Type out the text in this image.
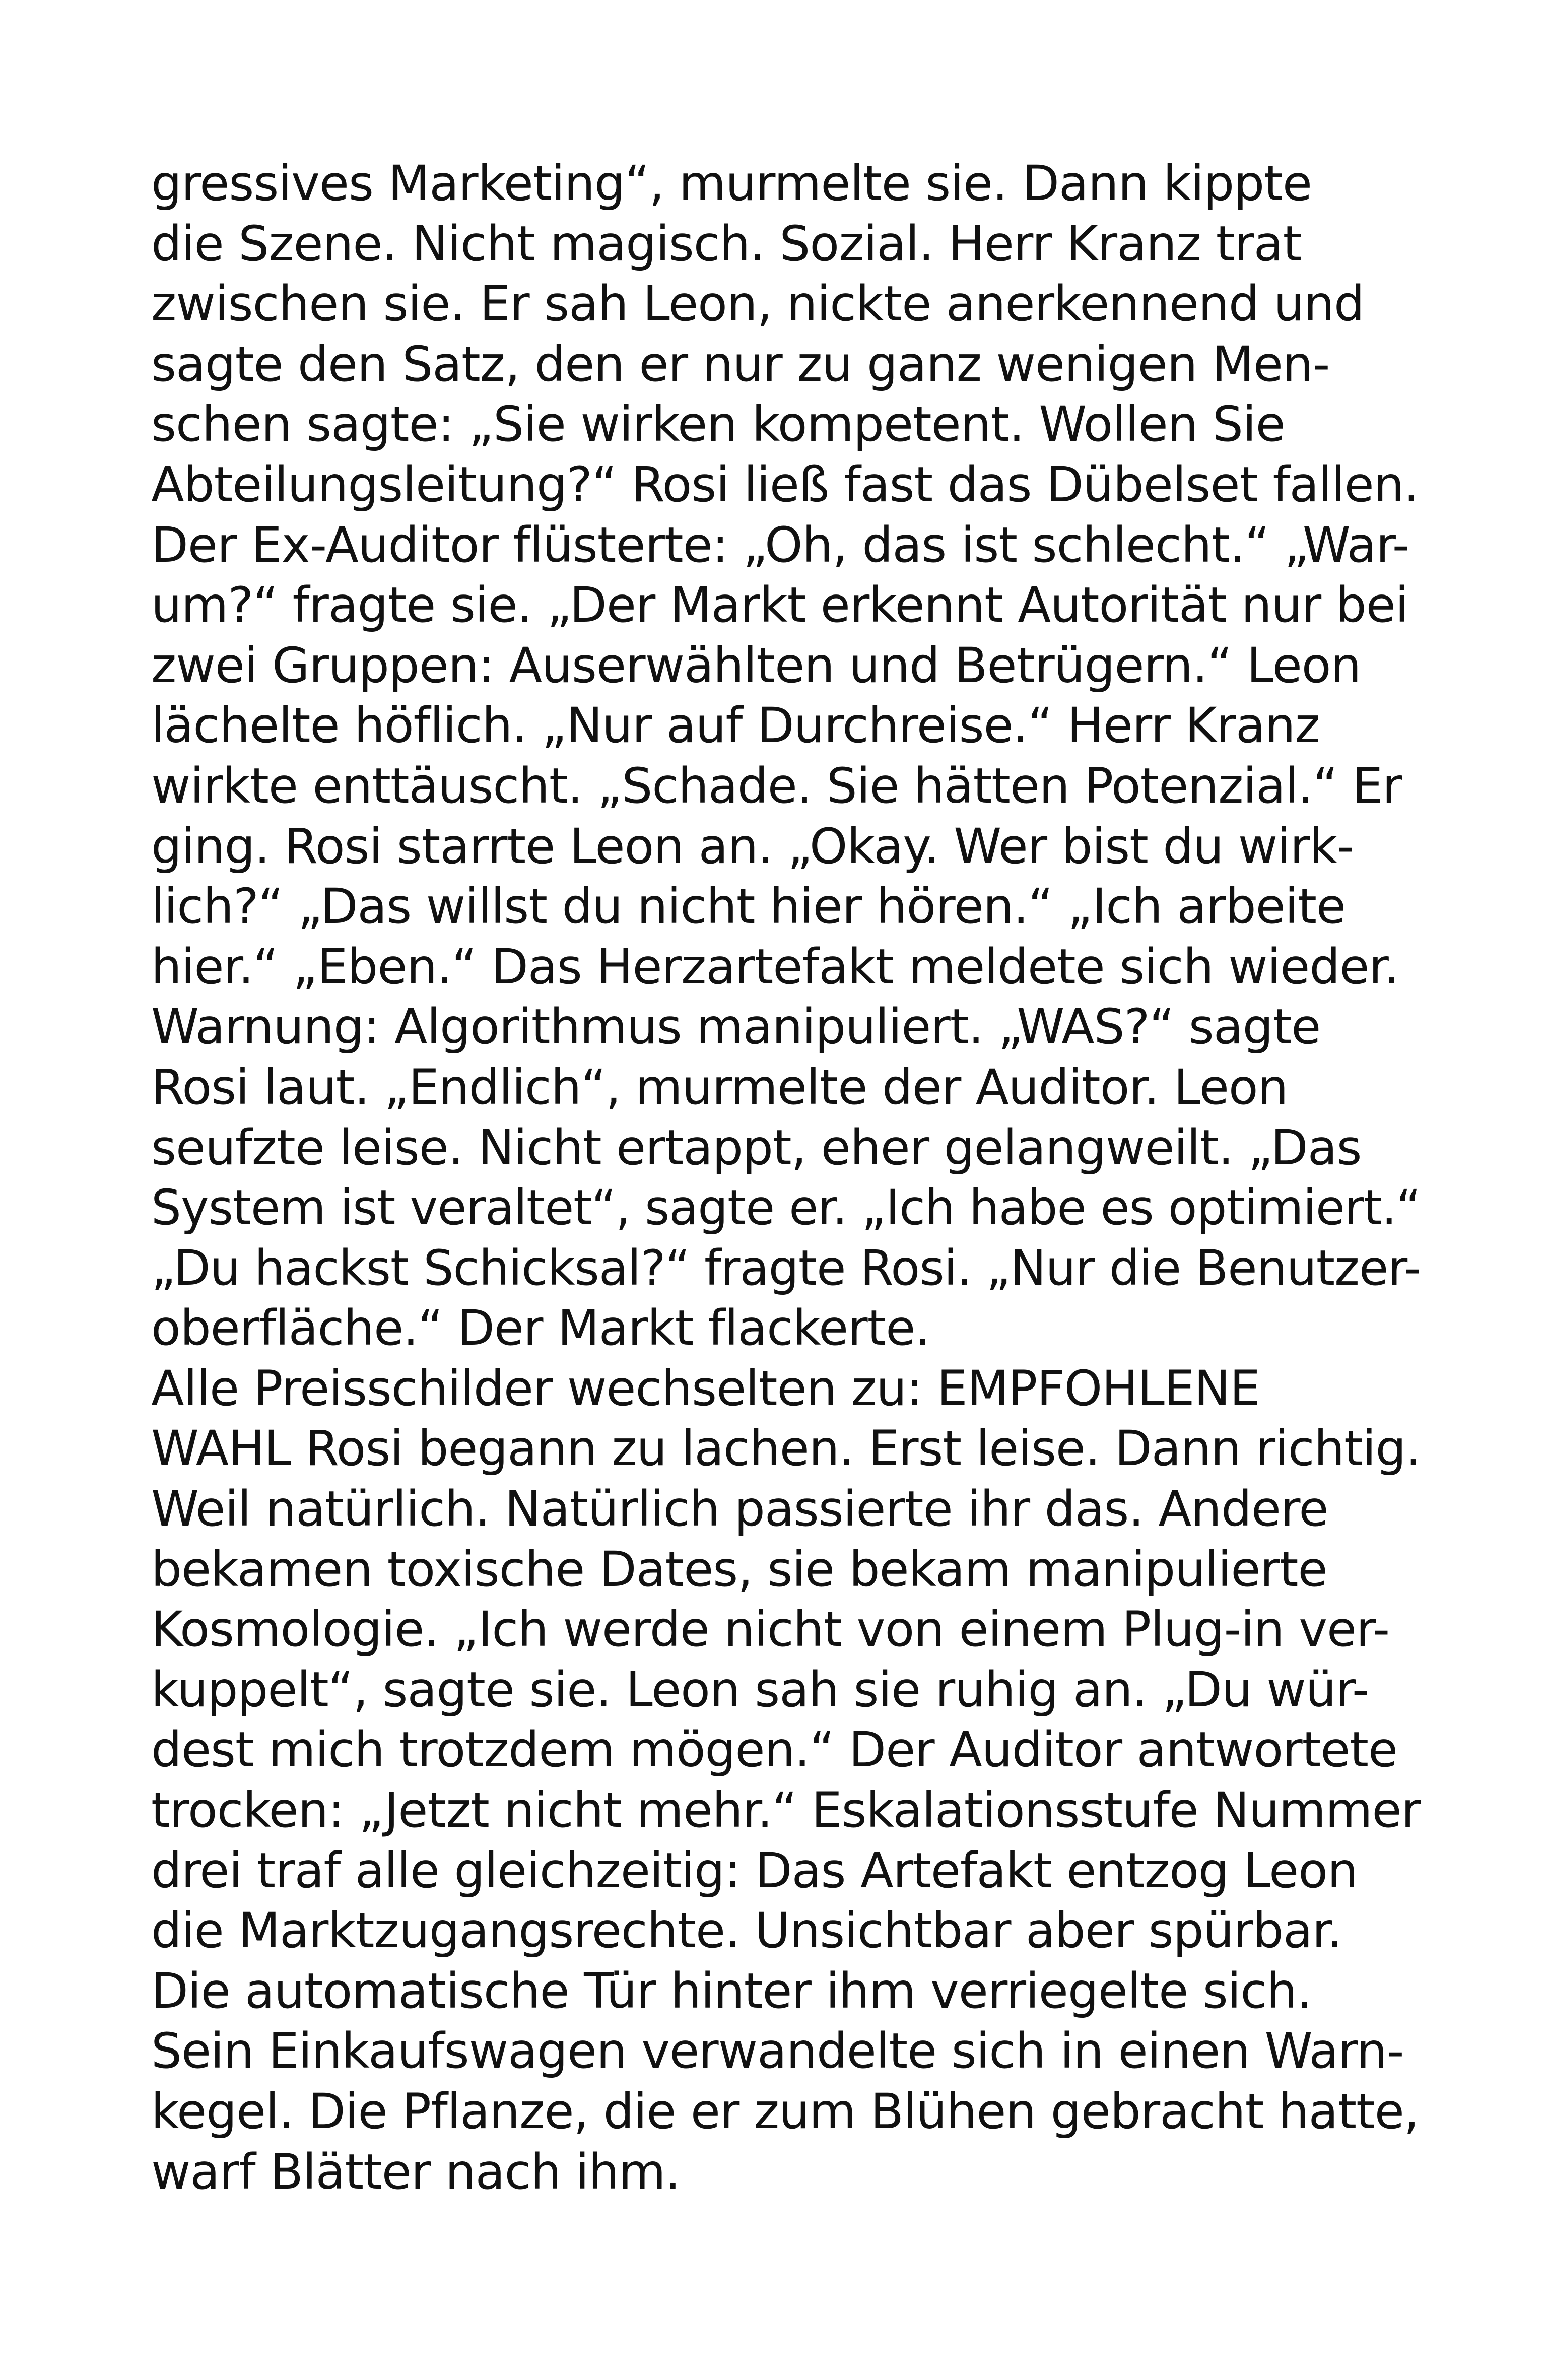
gressives Marketing“, murmelte sie. Dann kippte
die Szene. Nicht magisch. Sozial. Herr Kranz trat
zwischen sie. Er sah Leon, nickte anerkennend und
sagte den Satz, den er nur zu ganz wenigen Men-
schen sagte: „Sie wirken kompetent. Wollen Sie
Abteilungsleitung?“ Rosi ließ fast das Dübelset fallen.
Der Ex-Auditor flüsterte: „Oh, das ist schlecht.“ „War-
um?“ fragte sie. „Der Markt erkennt Autorität nur bei
zwei Gruppen: Auserwählten und Betrügern.“ Leon
lächelte höflich. „Nur auf Durchreise.“ Herr Kranz
wirkte enttäuscht. „Schade. Sie hätten Potenzial.“ Er
ging. Rosi starrte Leon an. „Okay. Wer bist du wirk-
lich?“ „Das willst du nicht hier hören.“ „Ich arbeite
hier.“ „Eben.“ Das Herzartefakt meldete sich wieder.
Warnung: Algorithmus manipuliert. „WAS?“ sagte
Rosi laut. „Endlich“, murmelte der Auditor. Leon
seufzte leise. Nicht ertappt, eher gelangweilt. „Das
System ist veraltet“, sagte er. „Ich habe es optimiert.“
„Du hackst Schicksal?“ fragte Rosi. „Nur die Benutzer-
oberfläche.“ Der Markt flackerte.
Alle Preisschilder wechselten zu: EMPFOHLENE
WAHL Rosi begann zu lachen. Erst leise. Dann richtig.
Weil natürlich. Natürlich passierte ihr das. Andere
bekamen toxische Dates, sie bekam manipulierte
Kosmologie. „Ich werde nicht von einem Plug-in ver-
kuppelt“, sagte sie. Leon sah sie ruhig an. „Du wür-
dest mich trotzdem mögen.“ Der Auditor antwortete
trocken: „Jetzt nicht mehr.“ Eskalationsstufe Nummer
drei traf alle gleichzeitig: Das Artefakt entzog Leon
die Marktzugangsrechte. Unsichtbar aber spürbar.
Die automatische Tür hinter ihm verriegelte sich.
Sein Einkaufswagen verwandelte sich in einen Warn-
kegel. Die Pflanze, die er zum Blühen gebracht hatte,
warf Blätter nach ihm.
